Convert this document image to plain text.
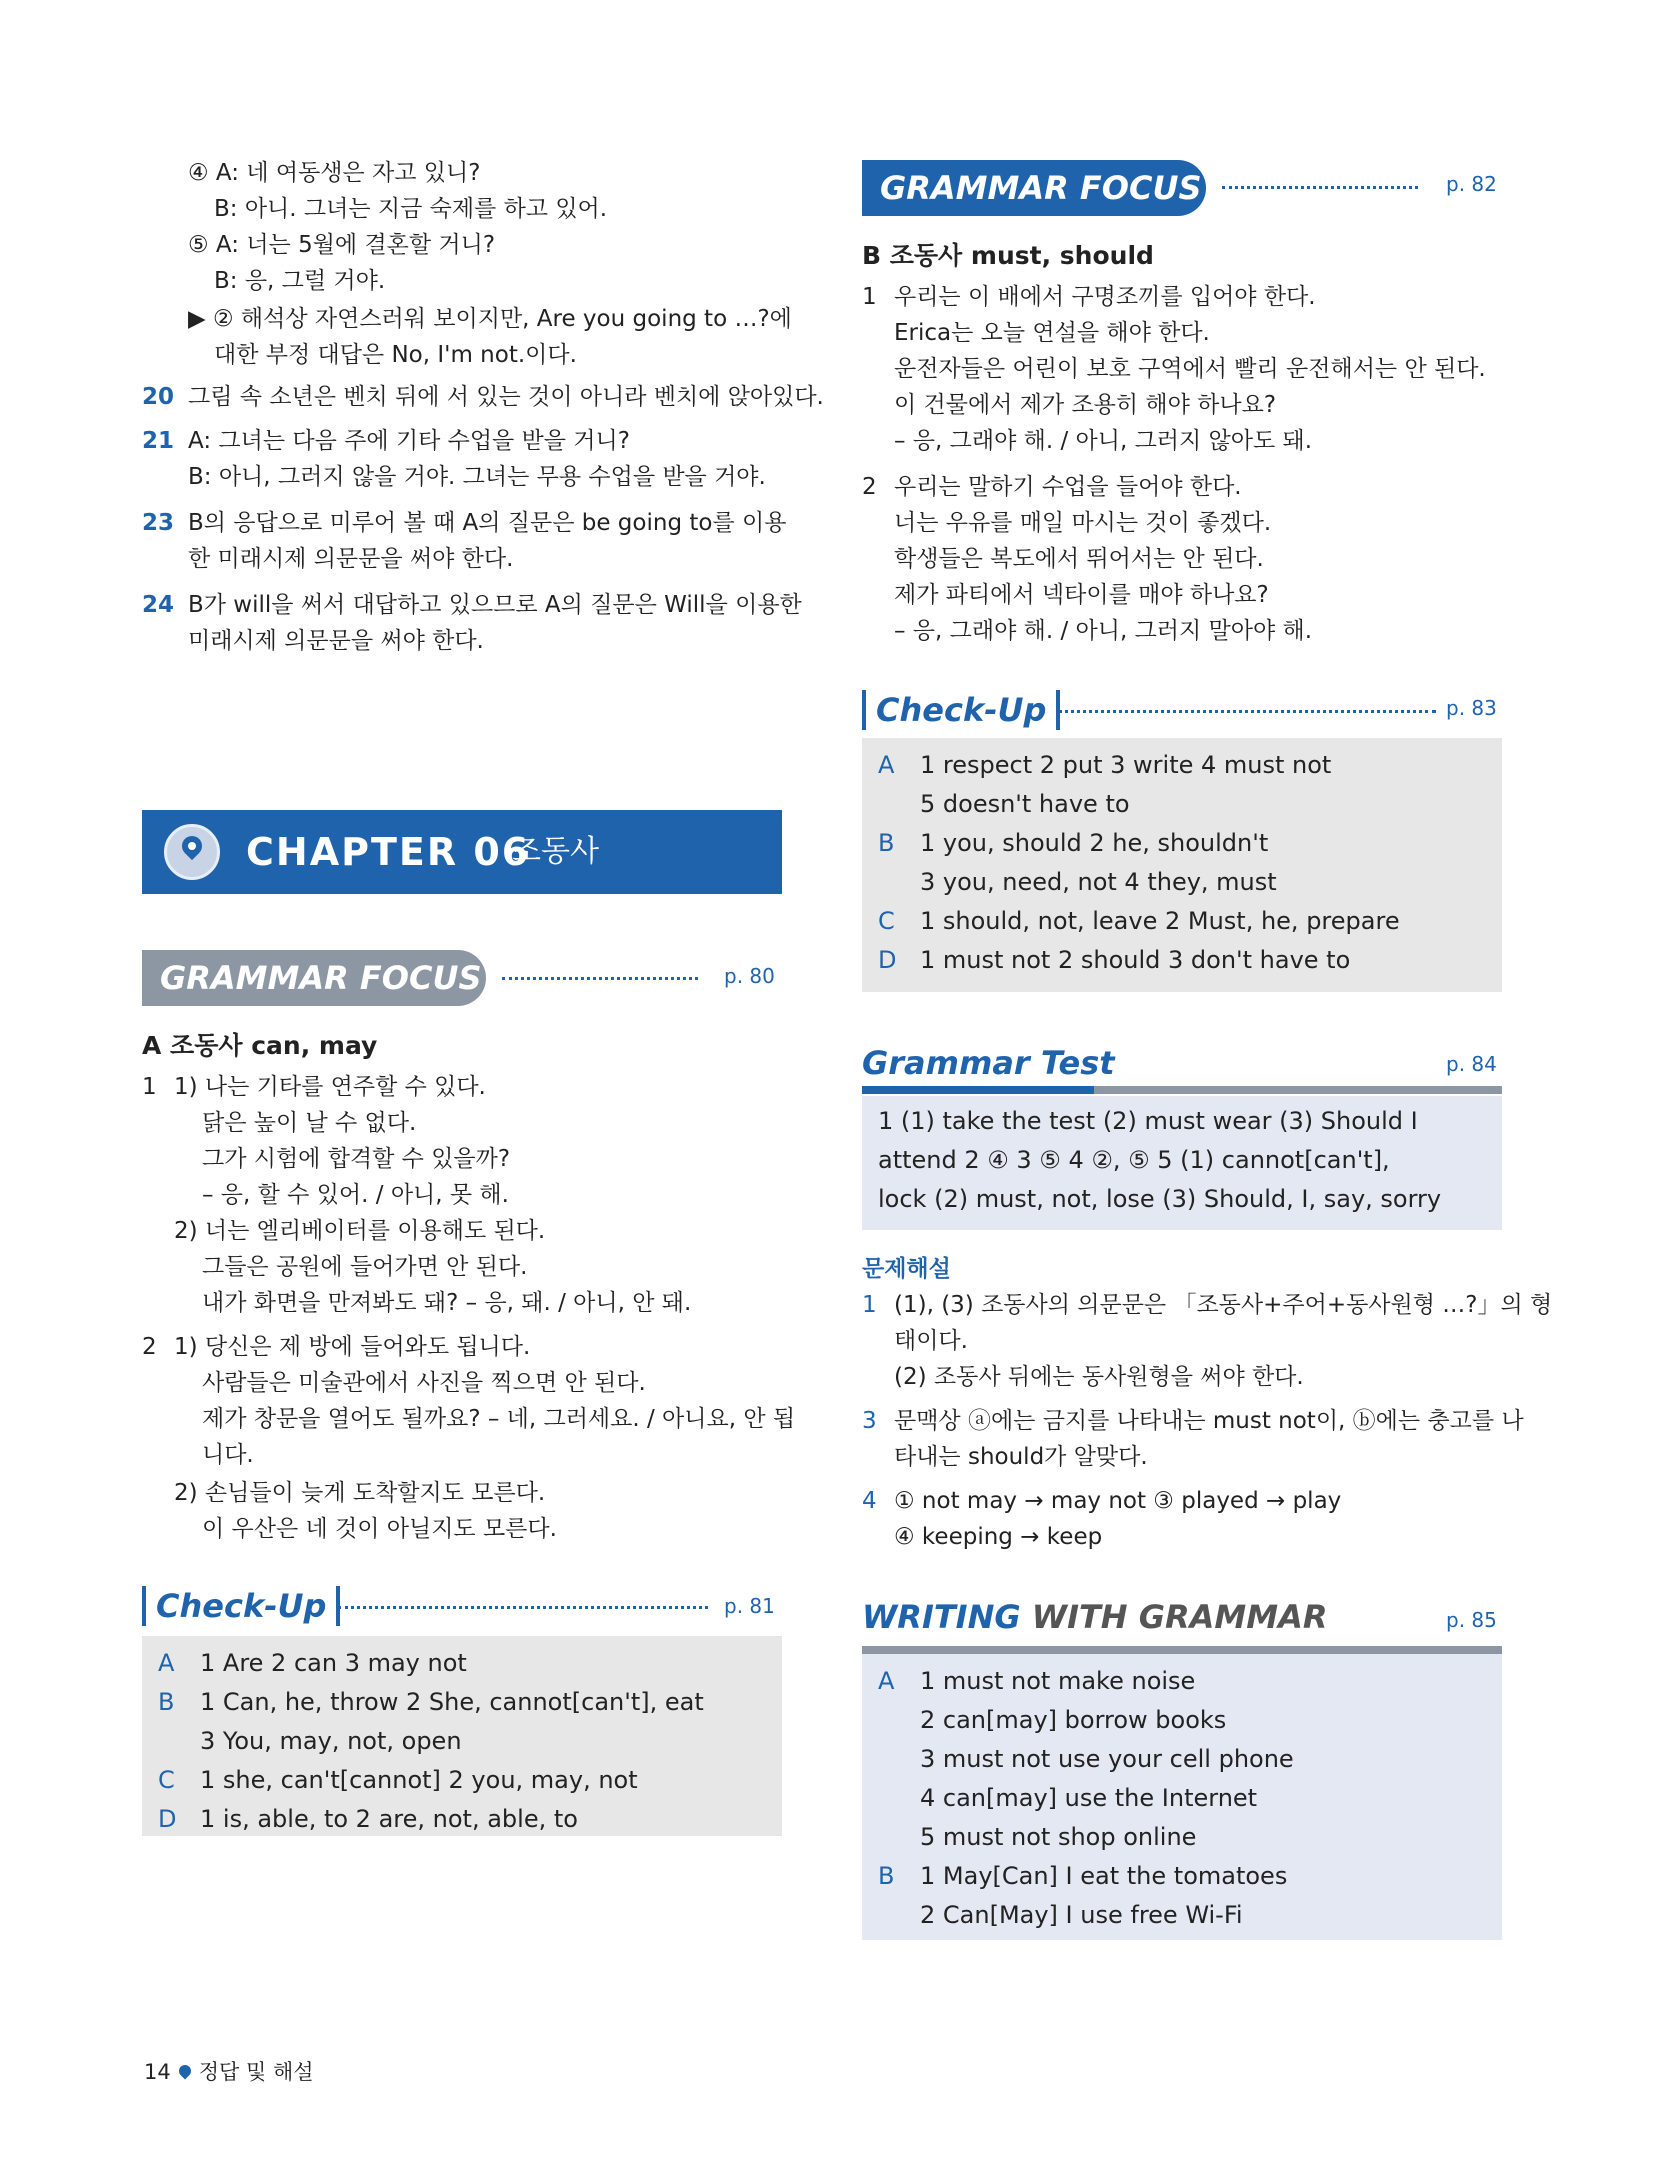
④ A: 네 여동생은 자고 있니?
B: 아니. 그녀는 지금 숙제를 하고 있어.
⑤ A: 너는 5월에 결혼할 거니?
B: 응, 그럴 거야.
▶ ② 해석상 자연스러워 보이지만, Are you going to …?에
대한 부정 대답은 No, I'm not.이다.
20 그림 속 소년은 벤치 뒤에 서 있는 것이 아니라 벤치에 앉아있다.
21 A: 그녀는 다음 주에 기타 수업을 받을 거니?
B: 아니, 그러지 않을 거야. 그녀는 무용 수업을 받을 거야.
23 B의 응답으로 미루어 볼 때 A의 질문은 be going to를 이용
한 미래시제 의문문을 써야 한다.
24 B가 will을 써서 대답하고 있으므로 A의 질문은 Will을 이용한
미래시제 의문문을 써야 한다.
CHAPTER 06
조동사
GRAMMAR FOCUS	p. 80
A 조동사 can, may
1 1) 나는 기타를 연주할 수 있다.
닭은 높이 날 수 없다.
그가 시험에 합격할 수 있을까?
– 응, 할 수 있어. / 아니, 못 해.
2) 너는 엘리베이터를 이용해도 된다.
그들은 공원에 들어가면 안 된다.
내가 화면을 만져봐도 돼? – 응, 돼. / 아니, 안 돼.
2 1) 당신은 제 방에 들어와도 됩니다.
사람들은 미술관에서 사진을 찍으면 안 된다.
제가 창문을 열어도 될까요? – 네, 그러세요. / 아니요, 안 됩
니다.
2) 손님들이 늦게 도착할지도 모른다.
이 우산은 네 것이 아닐지도 모른다.
Check-Up	p. 81
A 1 Are 2 can 3 may not
B 1 Can, he, throw 2 She, cannot[can't], eat
3 You, may, not, open
C 1 she, can't[cannot] 2 you, may, not
D 1 is, able, to 2 are, not, able, to
GRAMMAR FOCUS	p. 82
B 조동사 must, should
1 우리는 이 배에서 구명조끼를 입어야 한다.
Erica는 오늘 연설을 해야 한다.
운전자들은 어린이 보호 구역에서 빨리 운전해서는 안 된다.
이 건물에서 제가 조용히 해야 하나요?
– 응, 그래야 해. / 아니, 그러지 않아도 돼.
2 우리는 말하기 수업을 들어야 한다.
너는 우유를 매일 마시는 것이 좋겠다.
학생들은 복도에서 뛰어서는 안 된다.
제가 파티에서 넥타이를 매야 하나요?
– 응, 그래야 해. / 아니, 그러지 말아야 해.
Check-Up	p. 83
A 1 respect 2 put 3 write 4 must not
5 doesn't have to
B 1 you, should 2 he, shouldn't
3 you, need, not 4 they, must
C 1 should, not, leave 2 Must, he, prepare
D 1 must not 2 should 3 don't have to
Grammar Test	p. 84
1 (1) take the test (2) must wear (3) Should I
attend 2 ④ 3 ⑤ 4 ②, ⑤ 5 (1) cannot[can't],
lock (2) must, not, lose (3) Should, I, say, sorry
문제해설
1 (1), (3) 조동사의 의문문은 「조동사+주어+동사원형 …?」의 형
태이다.
(2) 조동사 뒤에는 동사원형을 써야 한다.
3 문맥상 ⓐ에는 금지를 나타내는 must not이, ⓑ에는 충고를 나
타내는 should가 알맞다.
4 ① not may → may not ③ played → play
④ keeping → keep
WRITING WITH GRAMMAR	p. 85
A 1 must not make noise
2 can[may] borrow books
3 must not use your cell phone
4 can[may] use the Internet
5 must not shop online
B 1 May[Can] I eat the tomatoes
2 Can[May] I use free Wi-Fi
14 정답 및 해설
